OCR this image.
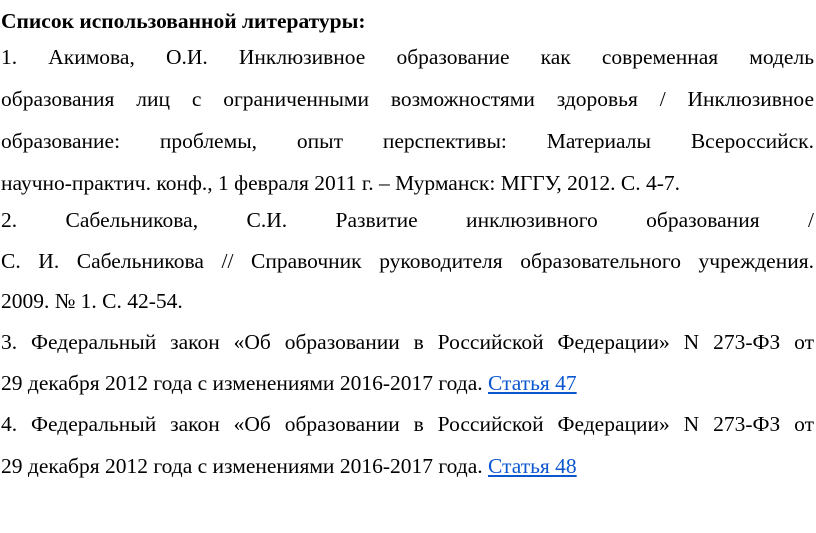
Список использованной литературы:
1. Акимова, О.И. Инклюзивное образование как современная модель
образования лиц с ограниченными возможностями здоровья / Инклюзивное
образование: проблемы, опыт перспективы: Материалы Всероссийск.
научно-практич. конф., 1 февраля 2011 г. – Мурманск: МГГУ, 2012. С. 4-7.
2. Сабельникова, С.И. Развитие инклюзивного образования /
С. И. Сабельникова // Справочник руководителя образовательного учреждения.
2009. № 1. С. 42-54.
3. Федеральный закон «Об образовании в Российской Федерации» N 273-ФЗ от
29 декабря 2012 года с изменениями 2016-2017 года. Статья 47
4. Федеральный закон «Об образовании в Российской Федерации» N 273-ФЗ от
29 декабря 2012 года с изменениями 2016-2017 года. Статья 48
